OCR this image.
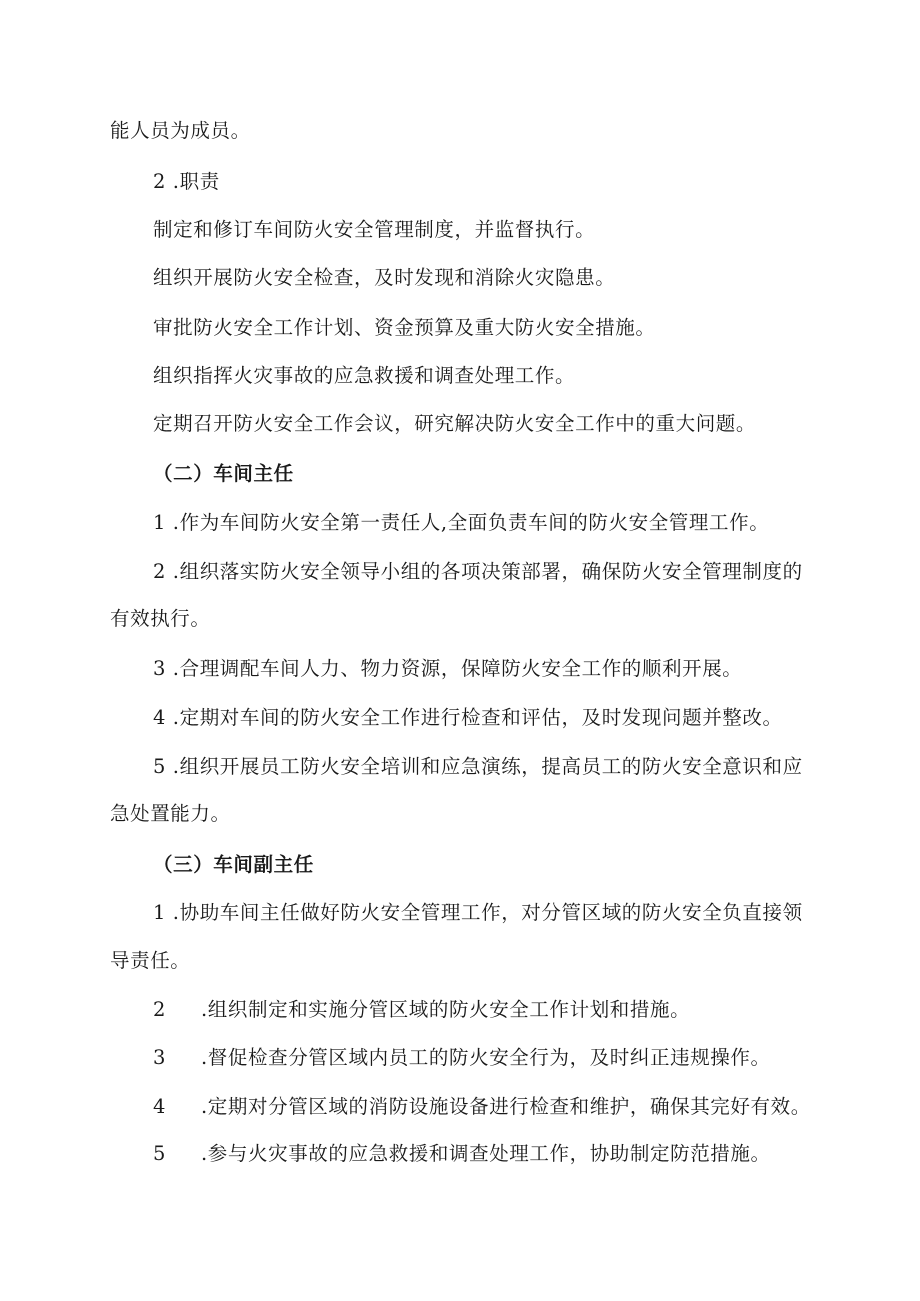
能人员为成员。
2 .职责
制定和修订车间防火安全管理制度，并监督执行。
组织开展防火安全检查，及时发现和消除火灾隐患。
审批防火安全工作计划、资金预算及重大防火安全措施。
组织指挥火灾事故的应急救援和调查处理工作。
定期召开防火安全工作会议，研究解决防火安全工作中的重大问题。
（二）车间主任
1 .作为车间防火安全第一责任人,全面负责车间的防火安全管理工作。
2 .组织落实防火安全领导小组的各项决策部署，确保防火安全管理制度的
有效执行。
3 .合理调配车间人力、物力资源，保障防火安全工作的顺利开展。
4 .定期对车间的防火安全工作进行检查和评估，及时发现问题并整改。
5 .组织开展员工防火安全培训和应急演练，提高员工的防火安全意识和应
急处置能力。
（三）车间副主任
1 .协助车间主任做好防火安全管理工作，对分管区域的防火安全负直接领
导责任。
2 .组织制定和实施分管区域的防火安全工作计划和措施。
3 .督促检查分管区域内员工的防火安全行为，及时纠正违规操作。
4 .定期对分管区域的消防设施设备进行检查和维护，确保其完好有效。
5 .参与火灾事故的应急救援和调查处理工作，协助制定防范措施。
